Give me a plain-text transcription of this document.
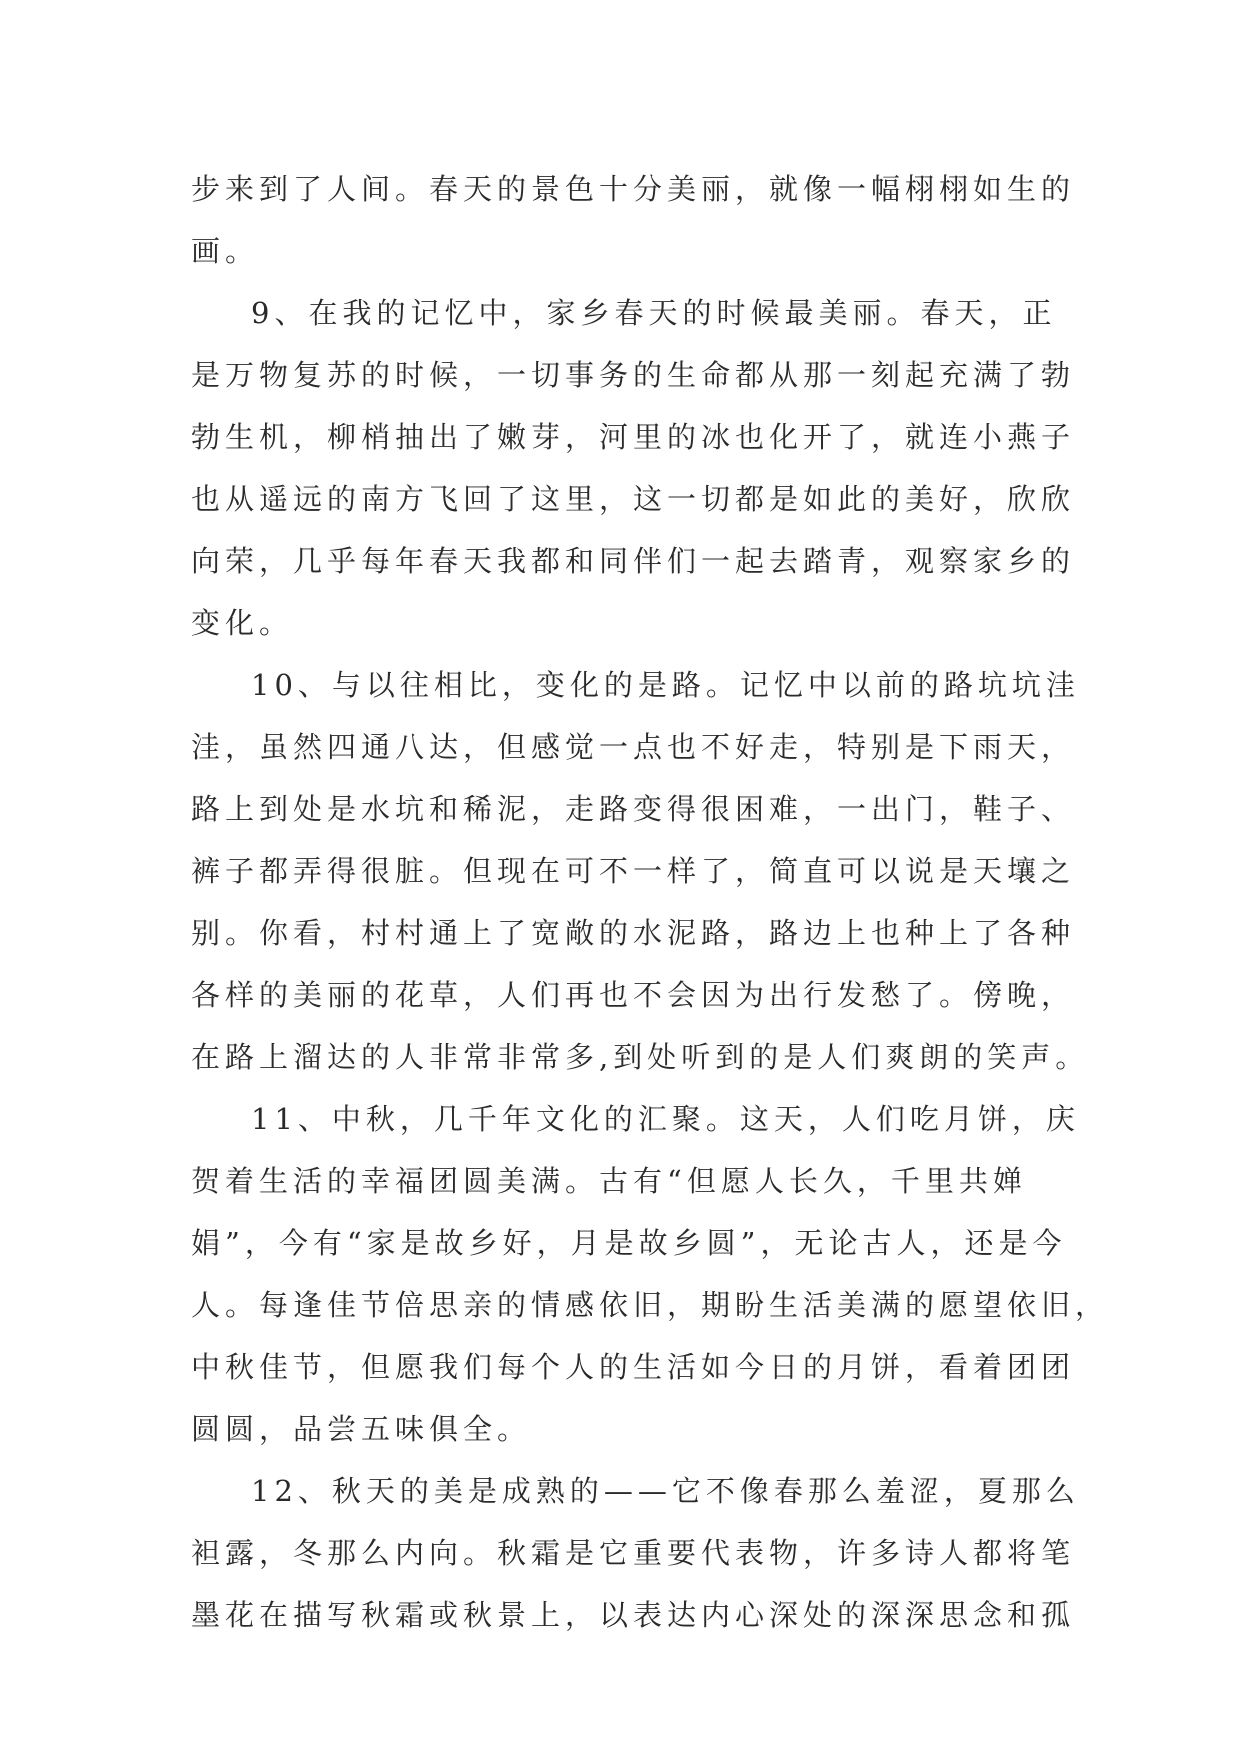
步来到了人间。春天的景色十分美丽，就像一幅栩栩如生的
画。
9、在我的记忆中，家乡春天的时候最美丽。春天，正
是万物复苏的时候，一切事务的生命都从那一刻起充满了勃
勃生机，柳梢抽出了嫩芽，河里的冰也化开了，就连小燕子
也从遥远的南方飞回了这里，这一切都是如此的美好，欣欣
向荣，几乎每年春天我都和同伴们一起去踏青，观察家乡的
变化。
10、与以往相比，变化的是路。记忆中以前的路坑坑洼
洼，虽然四通八达，但感觉一点也不好走，特别是下雨天，
路上到处是水坑和稀泥，走路变得很困难，一出门，鞋子、
裤子都弄得很脏。但现在可不一样了，简直可以说是天壤之
别。你看，村村通上了宽敞的水泥路，路边上也种上了各种
各样的美丽的花草，人们再也不会因为出行发愁了。傍晚，
在路上溜达的人非常非常多,到处听到的是人们爽朗的笑声。
11、中秋，几千年文化的汇聚。这天，人们吃月饼，庆
贺着生活的幸福团圆美满。古有“但愿人长久，千里共婵
娟”，今有“家是故乡好，月是故乡圆”，无论古人，还是今
人。每逢佳节倍思亲的情感依旧，期盼生活美满的愿望依旧，
中秋佳节，但愿我们每个人的生活如今日的月饼，看着团团
圆圆，品尝五味俱全。
12、秋天的美是成熟的——它不像春那么羞涩，夏那么
袒露，冬那么内向。秋霜是它重要代表物，许多诗人都将笔
墨花在描写秋霜或秋景上，以表达内心深处的深深思念和孤
